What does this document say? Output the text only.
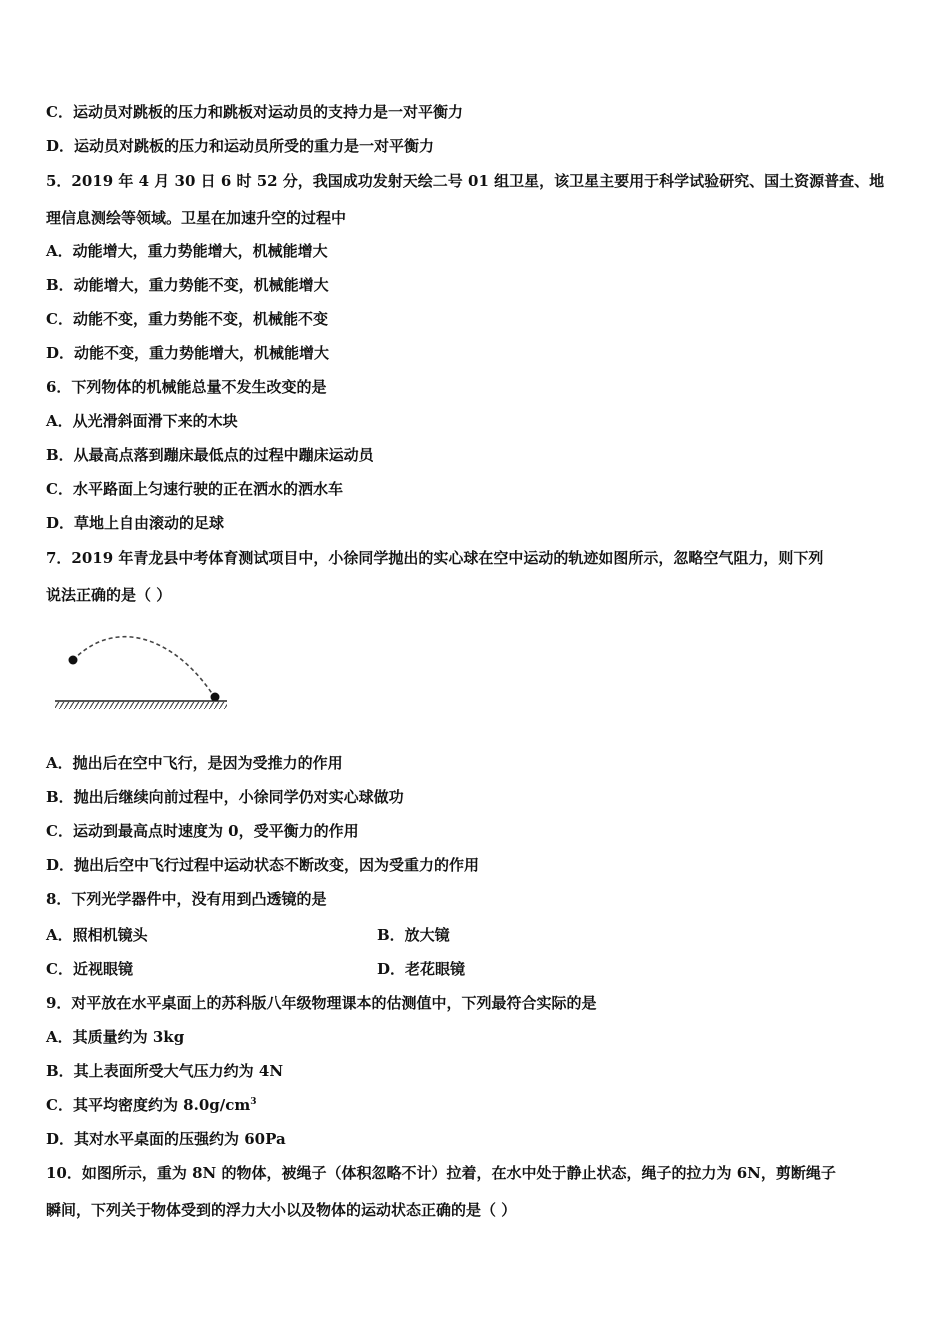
C．运动员对跳板的压力和跳板对运动员的支持力是一对平衡力
D．运动员对跳板的压力和运动员所受的重力是一对平衡力
5．2019 年 4 月 30 日 6 时 52 分，我国成功发射天绘二号 01 组卫星，该卫星主要用于科学试验研究、国土资源普查、地
理信息测绘等领域。卫星在加速升空的过程中
A．动能增大，重力势能增大，机械能增大
B．动能增大，重力势能不变，机械能增大
C．动能不变，重力势能不变，机械能不变
D．动能不变，重力势能增大，机械能增大
6．下列物体的机械能总量不发生改变的是
A．从光滑斜面滑下来的木块
B．从最高点落到蹦床最低点的过程中蹦床运动员
C．水平路面上匀速行驶的正在洒水的洒水车
D．草地上自由滚动的足球
7．2019 年青龙县中考体育测试项目中，小徐同学抛出的实心球在空中运动的轨迹如图所示，忽略空气阻力，则下列
说法正确的是（ ）
A．抛出后在空中飞行，是因为受推力的作用
B．抛出后继续向前过程中，小徐同学仍对实心球做功
C．运动到最高点时速度为 0，受平衡力的作用
D．抛出后空中飞行过程中运动状态不断改变，因为受重力的作用
8．下列光学器件中，没有用到凸透镜的是
A．照相机镜头	B．放大镜
C．近视眼镜	D．老花眼镜
9．对平放在水平桌面上的苏科版八年级物理课本的估测值中，下列最符合实际的是
A．其质量约为 3kg
B．其上表面所受大气压力约为 4N
C．其平均密度约为 $8.0g/cm^3$
D．其对水平桌面的压强约为 60Pa
10．如图所示，重为 8N 的物体，被绳子（体积忽略不计）拉着，在水中处于静止状态，绳子的拉力为 6N，剪断绳子
瞬间，下列关于物体受到的浮力大小以及物体的运动状态正确的是（ ）
